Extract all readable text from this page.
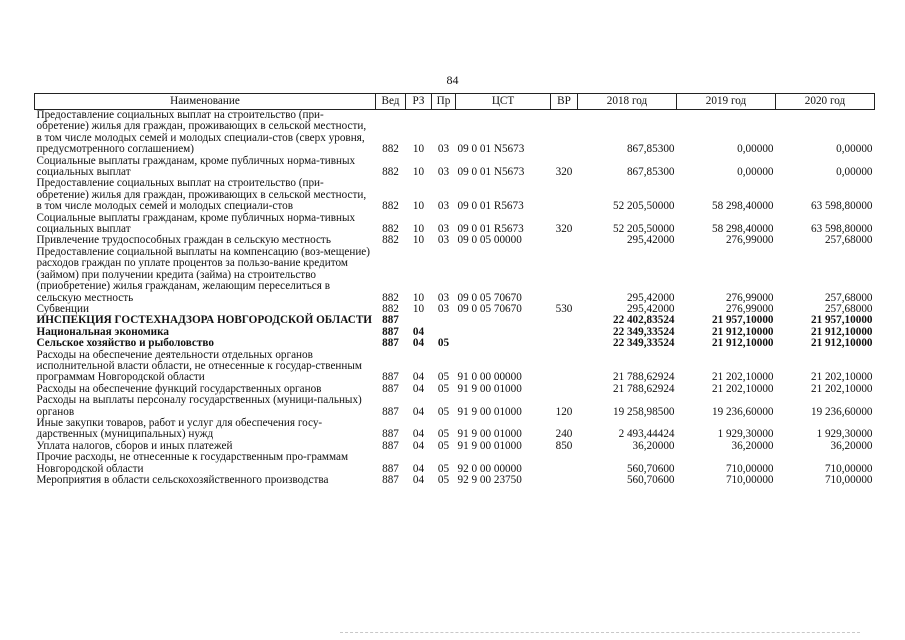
84
Наименование	Вед	РЗ	Пр	ЦСТ	ВР	2018 год	2019 год	2020 год
Предоставление социальных выплат на строительство (при-обретение) жилья для граждан, проживающих в сельской местности, в том числе молодых семей и молодых специали-стов (сверх уровня, предусмотренного соглашением)	882	10	03	09 0 01 N5673		867,85300	0,00000	0,00000
Социальные выплаты гражданам, кроме публичных норма-тивных социальных выплат	882	10	03	09 0 01 N5673	320	867,85300	0,00000	0,00000
Предоставление социальных выплат на строительство (при-обретение) жилья для граждан, проживающих в сельской местности, в том числе молодых семей и молодых специали-стов	882	10	03	09 0 01 R5673		52 205,50000	58 298,40000	63 598,80000
Социальные выплаты гражданам, кроме публичных норма-тивных социальных выплат	882	10	03	09 0 01 R5673	320	52 205,50000	58 298,40000	63 598,80000
Привлечение трудоспособных граждан в сельскую местность	882	10	03	09 0 05 00000		295,42000	276,99000	257,68000
Предоставление социальной выплаты на компенсацию (воз-мещение) расходов граждан по уплате процентов за пользо-вание кредитом (займом) при получении кредита (займа) на строительство (приобретение) жилья гражданам, желающим переселиться в сельскую местность	882	10	03	09 0 05 70670		295,42000	276,99000	257,68000
Субвенции	882	10	03	09 0 05 70670	530	295,42000	276,99000	257,68000
ИНСПЕКЦИЯ ГОСТЕХНАДЗОРА НОВГОРОДСКОЙ ОБЛАСТИ	887					22 402,83524	21 957,10000	21 957,10000
Национальная экономика	887	04				22 349,33524	21 912,10000	21 912,10000
Сельское хозяйство и рыболовство	887	04	05			22 349,33524	21 912,10000	21 912,10000
Расходы на обеспечение деятельности отдельных органов исполнительной власти области, не отнесенные к государ-ственным программам Новгородской области	887	04	05	91 0 00 00000		21 788,62924	21 202,10000	21 202,10000
Расходы на обеспечение функций государственных органов	887	04	05	91 9 00 01000		21 788,62924	21 202,10000	21 202,10000
Расходы на выплаты персоналу государственных (муници-пальных) органов	887	04	05	91 9 00 01000	120	19 258,98500	19 236,60000	19 236,60000
Иные закупки товаров, работ и услуг для обеспечения госу-дарственных (муниципальных) нужд	887	04	05	91 9 00 01000	240	2 493,44424	1 929,30000	1 929,30000
Уплата налогов, сборов и иных платежей	887	04	05	91 9 00 01000	850	36,20000	36,20000	36,20000
Прочие расходы, не отнесенные к государственным про-граммам Новгородской области	887	04	05	92 0 00 00000		560,70600	710,00000	710,00000
Мероприятия в области сельскохозяйственного производства	887	04	05	92 9 00 23750		560,70600	710,00000	710,00000
